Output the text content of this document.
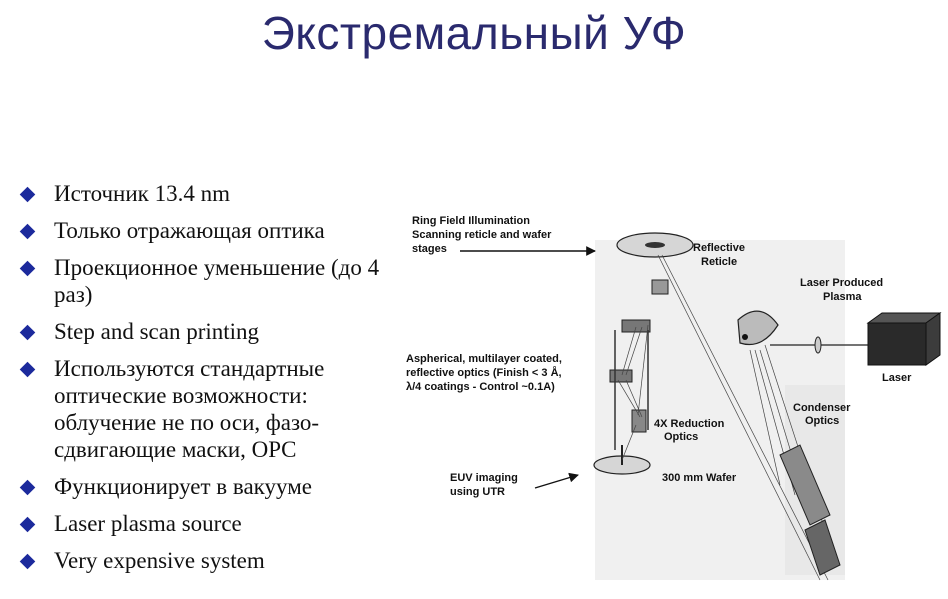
Экстремальный УФ
Источник 13.4 nm
Только отражающая оптика
Проекционное уменьшение (до 4 раз)
Step and scan printing
Используются стандартные оптические возможности: облучение не по оси, фазо-сдвигающие маски, OPC
Функционирует в вакууме
Laser plasma source
Very expensive system
Ring Field Illumination
Scanning reticle and wafer
stages	Reflective
Reticle
Laser Produced
Plasma
Aspherical, multilayer coated,
reflective optics (Finish < 3 Å,
λ/4 coatings - Control ~0.1A)
Laser
Condenser
Optics
4X Reduction
Optics
EUV imaging
using UTR
300 mm Wafer
